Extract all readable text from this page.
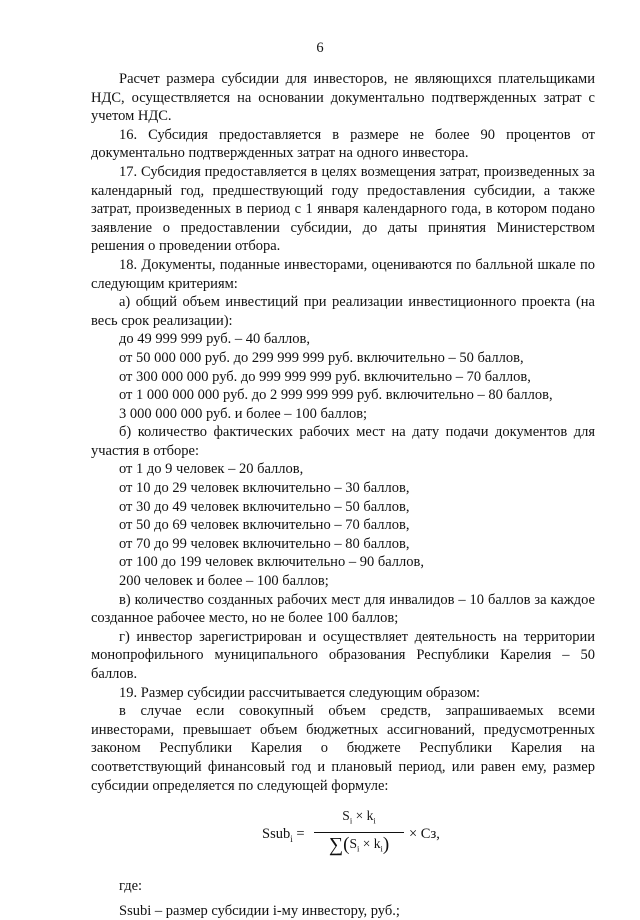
6

Расчет размера субсидии для инвесторов, не являющихся плательщиками НДС, осуществляется на основании документально подтвержденных затрат с учетом НДС.

16. Субсидия предоставляется в размере не более 90 процентов от документально подтвержденных затрат на одного инвестора.

17. Субсидия предоставляется в целях возмещения затрат, произведенных за календарный год, предшествующий году предоставления субсидии, а также затрат, произведенных в период с 1 января календарного года, в котором подано заявление о предоставлении субсидии, до даты принятия Министерством решения о проведении отбора.

18. Документы, поданные инвесторами, оцениваются по балльной шкале по следующим критериям:

а) общий объем инвестиций при реализации инвестиционного проекта (на весь срок реализации):

до 49 999 999 руб. – 40 баллов,

от 50 000 000 руб. до 299 999 999 руб. включительно – 50 баллов,

от 300 000 000 руб. до 999 999 999 руб. включительно – 70 баллов,

от 1 000 000 000 руб. до 2 999 999 999 руб. включительно – 80 баллов,

3 000 000 000 руб. и более – 100 баллов;

б) количество фактических рабочих мест на дату подачи документов для участия в отборе:

от 1 до 9 человек – 20 баллов,

от 10 до 29 человек включительно – 30 баллов,

от 30 до 49 человек включительно – 50 баллов,

от 50 до 69 человек включительно – 70 баллов,

от 70 до 99 человек включительно – 80 баллов,

от 100 до 199 человек включительно – 90 баллов,

200 человек и более – 100 баллов;

в) количество созданных рабочих мест для инвалидов – 10 баллов за каждое созданное рабочее место, но не более 100 баллов;

г) инвестор зарегистрирован и осуществляет деятельность на территории монопрофильного муниципального образования Республики Карелия – 50 баллов.

19. Размер субсидии рассчитывается следующим образом:

в случае если совокупный объем средств, запрашиваемых всеми инвесторами, превышает объем бюджетных ассигнований, предусмотренных законом Республики Карелия о бюджете Республики Карелия на соответствующий финансовый год и плановый период, или равен ему, размер субсидии определяется по следующей формуле:

Ssub$_i$ = $\frac{S_i \times k_i}{\sum(S_i \times k_i)}$ × Сз,

где:

Ssubi – размер субсидии i-му инвестору, руб.;
